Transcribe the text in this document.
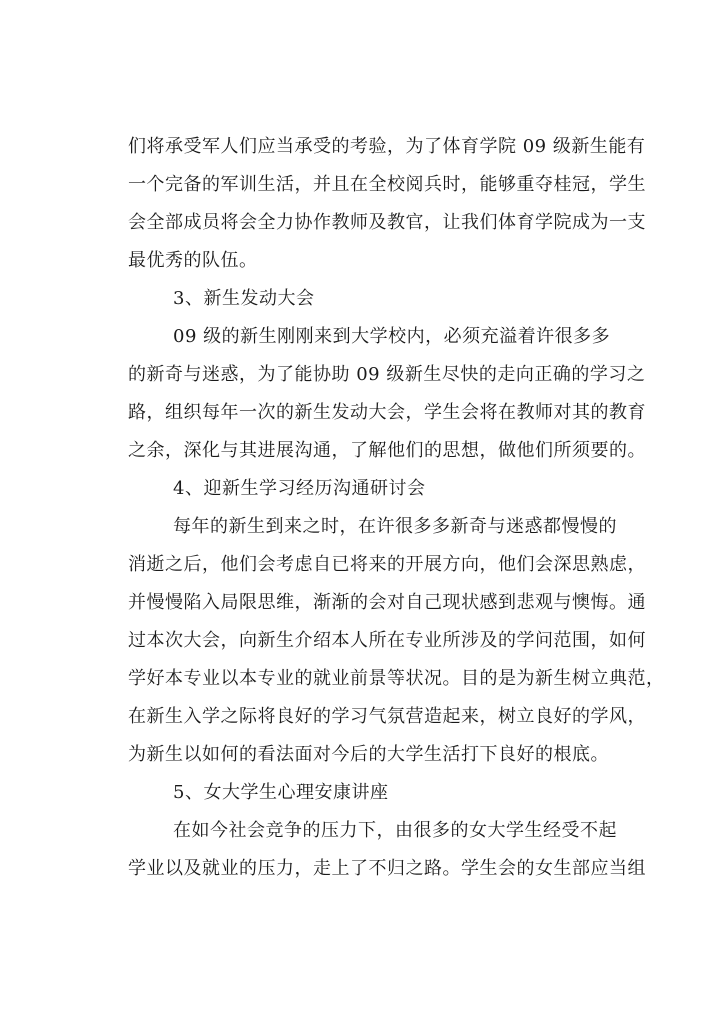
们将承受军人们应当承受的考验，为了体育学院 09 级新生能有
一个完备的军训生活，并且在全校阅兵时，能够重夺桂冠，学生
会全部成员将会全力协作教师及教官，让我们体育学院成为一支
最优秀的队伍。
3、新生发动大会
09 级的新生刚刚来到大学校内，必须充溢着许很多多
的新奇与迷惑，为了能协助 09 级新生尽快的走向正确的学习之
路，组织每年一次的新生发动大会，学生会将在教师对其的教育
之余，深化与其进展沟通，了解他们的思想，做他们所须要的。
4、迎新生学习经历沟通研讨会
每年的新生到来之时，在许很多多新奇与迷惑都慢慢的
消逝之后，他们会考虑自已将来的开展方向，他们会深思熟虑，
并慢慢陷入局限思维，渐渐的会对自己现状感到悲观与懊悔。通
过本次大会，向新生介绍本人所在专业所涉及的学问范围，如何
学好本专业以本专业的就业前景等状况。目的是为新生树立典范，
在新生入学之际将良好的学习气氛营造起来，树立良好的学风，
为新生以如何的看法面对今后的大学生活打下良好的根底。
5、女大学生心理安康讲座
在如今社会竞争的压力下，由很多的女大学生经受不起
学业以及就业的压力，走上了不归之路。学生会的女生部应当组
